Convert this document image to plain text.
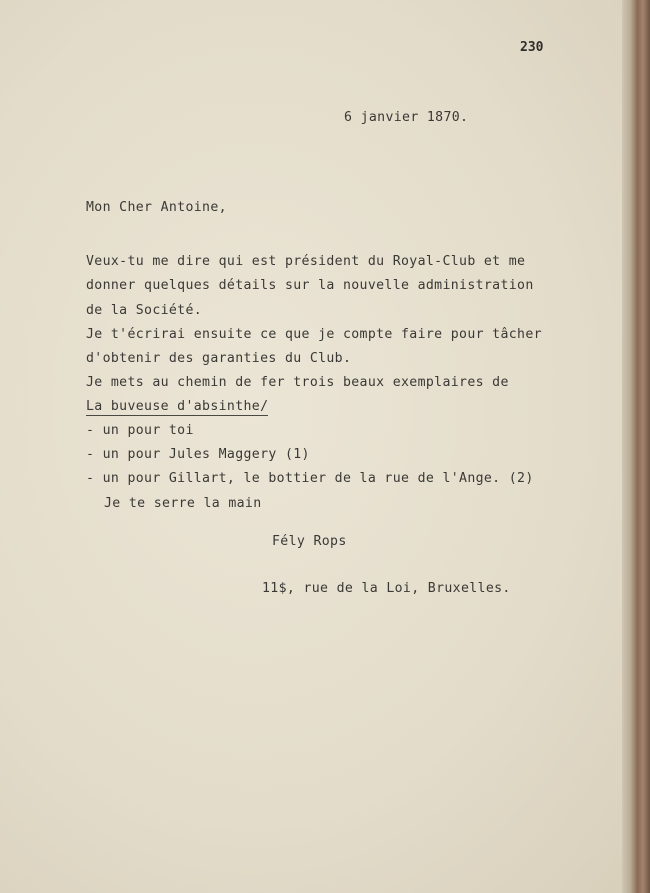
230
6 janvier 1870.
Mon Cher Antoine,
Veux-tu me dire qui est président du Royal-Club et me
donner quelques détails sur la nouvelle administration
de la Société.
Je t'écrirai ensuite ce que je compte faire pour tâcher
d'obtenir des garanties du Club.
Je mets au chemin de fer trois beaux exemplaires de
La buveuse d'absinthe/
- un pour toi
- un pour Jules Maggery (1)
- un pour Gillart, le bottier de la rue de l'Ange. (2)
Je te serre la main
Fély Rops
11$, rue de la Loi, Bruxelles.
